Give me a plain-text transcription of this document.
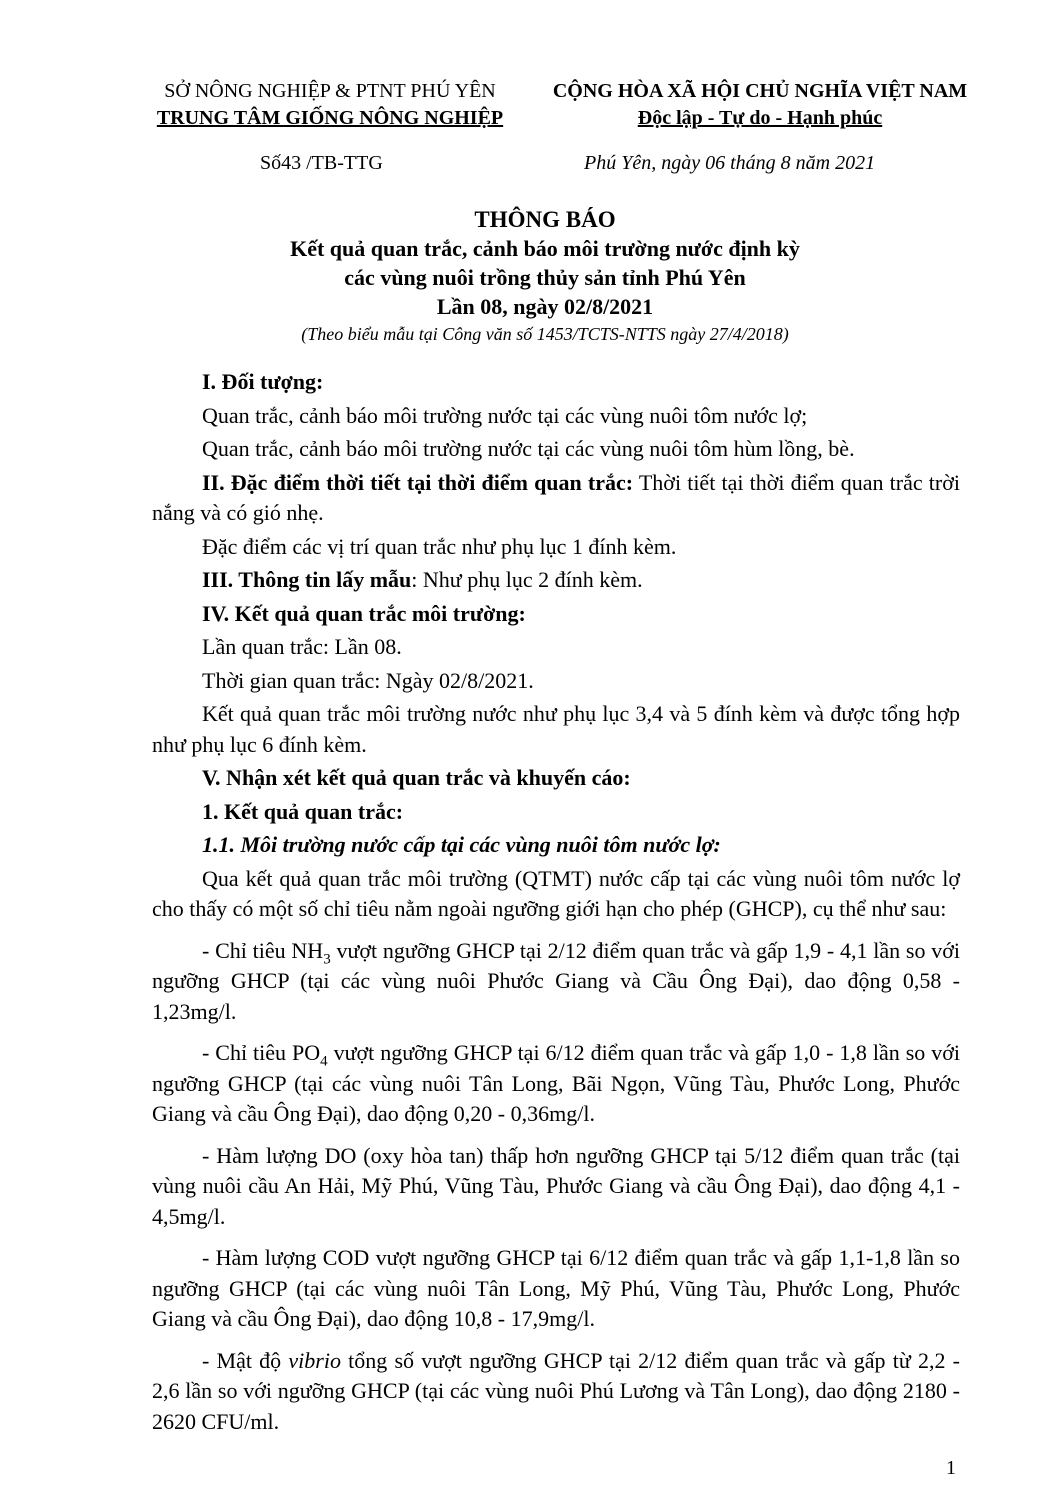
SỞ NÔNG NGHIỆP & PTNT PHÚ YÊN
TRUNG TÂM GIỐNG NÔNG NGHIỆP
CỘNG HÒA XÃ HỘI CHỦ NGHĨA VIỆT NAM
Độc lập - Tự do - Hạnh phúc
Số43 /TB-TTG	Phú Yên, ngày 06 tháng 8 năm 2021
THÔNG BÁO
Kết quả quan trắc, cảnh báo môi trường nước định kỳ
các vùng nuôi trồng thủy sản tỉnh Phú Yên
Lần 08, ngày 02/8/2021
(Theo biểu mẫu tại Công văn số 1453/TCTS-NTTS ngày 27/4/2018)

I. Đối tượng:

Quan trắc, cảnh báo môi trường nước tại các vùng nuôi tôm nước lợ;

Quan trắc, cảnh báo môi trường nước tại các vùng nuôi tôm hùm lồng, bè.

II. Đặc điểm thời tiết tại thời điểm quan trắc: Thời tiết tại thời điểm quan trắc trời nắng và có gió nhẹ.

Đặc điểm các vị trí quan trắc như phụ lục 1 đính kèm.

III. Thông tin lấy mẫu: Như phụ lục 2 đính kèm.

IV. Kết quả quan trắc môi trường:

Lần quan trắc: Lần 08.

Thời gian quan trắc: Ngày 02/8/2021.

Kết quả quan trắc môi trường nước như phụ lục 3,4 và 5 đính kèm và được tổng hợp như phụ lục 6 đính kèm.

V. Nhận xét kết quả quan trắc và khuyến cáo:

1. Kết quả quan trắc:

1.1. Môi trường nước cấp tại các vùng nuôi tôm nước lợ:

Qua kết quả quan trắc môi trường (QTMT) nước cấp tại các vùng nuôi tôm nước lợ cho thấy có một số chỉ tiêu nằm ngoài ngưỡng giới hạn cho phép (GHCP), cụ thể như sau:

- Chỉ tiêu $NH_3$ vượt ngưỡng GHCP tại 2/12 điểm quan trắc và gấp 1,9 - 4,1 lần so với ngưỡng GHCP (tại các vùng nuôi Phước Giang và Cầu Ông Đại), dao động 0,58 - 1,23mg/l.

- Chỉ tiêu $PO_4$ vượt ngưỡng GHCP tại 6/12 điểm quan trắc và gấp 1,0 - 1,8 lần so với ngưỡng GHCP (tại các vùng nuôi Tân Long, Bãi Ngọn, Vũng Tàu, Phước Long, Phước Giang và cầu Ông Đại), dao động 0,20 - 0,36mg/l.

- Hàm lượng DO (oxy hòa tan) thấp hơn ngưỡng GHCP tại 5/12 điểm quan trắc (tại vùng nuôi cầu An Hải, Mỹ Phú, Vũng Tàu, Phước Giang và cầu Ông Đại), dao động 4,1 - 4,5mg/l.

- Hàm lượng COD vượt ngưỡng GHCP tại 6/12 điểm quan trắc và gấp 1,1-1,8 lần so ngưỡng GHCP (tại các vùng nuôi Tân Long, Mỹ Phú, Vũng Tàu, Phước Long, Phước Giang và cầu Ông Đại), dao động 10,8 - 17,9mg/l.

- Mật độ vibrio tổng số vượt ngưỡng GHCP tại 2/12 điểm quan trắc và gấp từ 2,2 - 2,6 lần so với ngưỡng GHCP (tại các vùng nuôi Phú Lương và Tân Long), dao động 2180 - 2620 CFU/ml.

1
